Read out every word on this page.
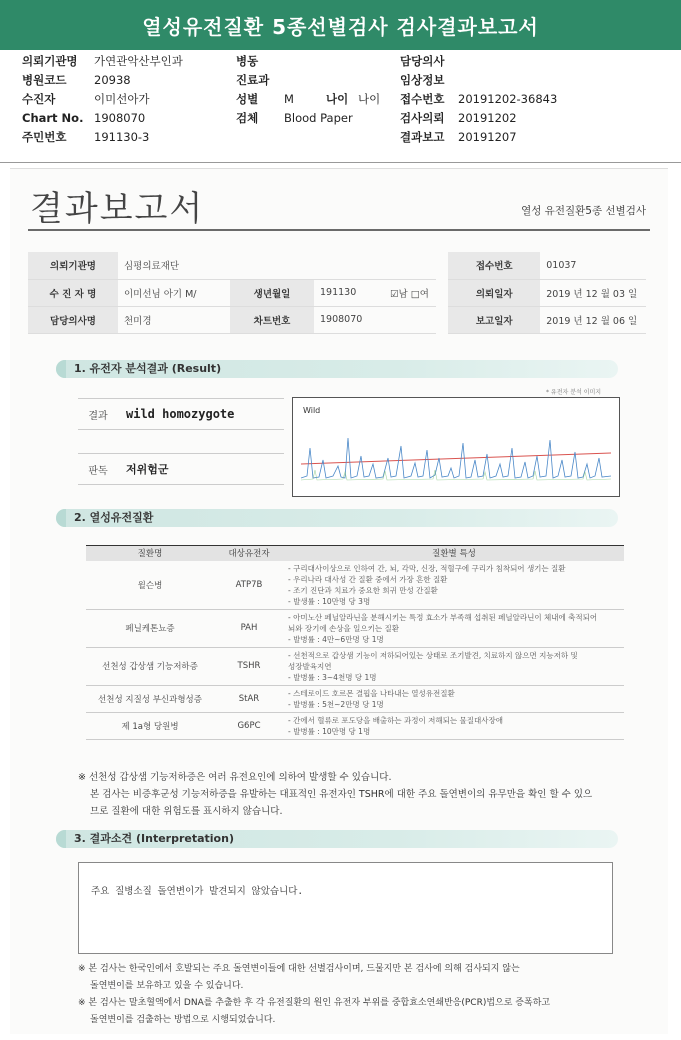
열성유전질환 5종선별검사 검사결과보고서
의뢰기관명 가연관악산부인과
병원코드 20938
수진자	이미선아가
Chart No. 1908070
주민번호 191130-3
병동
진료과
성별 M	나이 나이
검체 Blood Paper
담당의사
임상정보
접수번호 20191202-36843
검사의뢰 20191202
결과보고 20191207
결과보고서	열성 유전질환5종 선별검사
의뢰기관명	심평의료재단					접수번호	01037
수 진 자 명	이미선님 아기 M/	생년월일	191130	☑남 □여		의뢰일자	2019 년 12 월 03 일
담당의사명	천미경	차트번호	1908070			보고일자	2019 년 12 월 06 일
1. 유전자 분석결과 (Result)
* 유전자 분석 이미지
결과	wild homozygote
판독	저위험군
Wild
2. 열성유전질환
질환명	대상유전자	질환별 특성
윌슨병	ATP7B	- 구리대사이상으로 인하여 간, 뇌, 각막, 신장, 적혈구에 구리가 침착되어 생기는 질환
- 우리나라 대사성 간 질환 중에서 가장 흔한 질환
- 조기 진단과 치료가 중요한 희귀 만성 간질환
- 발생률 : 10만명 당 3명

페닐케톤뇨증	PAH	- 아미노산 페닐알라닌을 분해시키는 특정 효소가 부족해 섭취된 페닐알라닌이 체내에 축적되어
뇌와 장기에 손상을 일으키는 질환
- 발병률 : 4만~6만명 당 1명

선천성 갑상샘 기능저하증	TSHR	- 선천적으로 갑상샘 기능이 저하되어있는 상태로 조기발견, 치료하지 않으면 지능저하 및
성장발육지연
- 발병률 : 3~4천명 당 1명

선천성 지질성 부신과형성증	StAR	- 스테로이드 호르몬 결핍을 나타내는 열성유전질환
- 발병률 : 5천~2만명 당 1명

제 1a형 당원병	G6PC	- 간에서 혈류로 포도당을 배출하는 과정이 저해되는 물질대사장애
- 발병률 : 10만명 당 1명
※ 선천성 갑상샘 기능저하증은 여러 유전요인에 의하여 발생할 수 있습니다.
본 검사는 비증후군성 기능저하증을 유발하는 대표적인 유전자인 TSHR에 대한 주요 돌연변이의 유무만을 확인 할 수 있으
므로 질환에 대한 위험도를 표시하지 않습니다.
3. 결과소견 (Interpretation)
주요 질병소질 돌연변이가 발견되지 않았습니다.
※ 본 검사는 한국인에서 호발되는 주요 돌연변이들에 대한 선별검사이며, 드물지만 본 검사에 의해 검사되지 않는
돌연변이를 보유하고 있을 수 있습니다.
※ 본 검사는 말초혈액에서 DNA를 추출한 후 각 유전질환의 원인 유전자 부위를 중합효소연쇄반응(PCR)법으로 증폭하고
돌연변이를 검출하는 방법으로 시행되었습니다.
